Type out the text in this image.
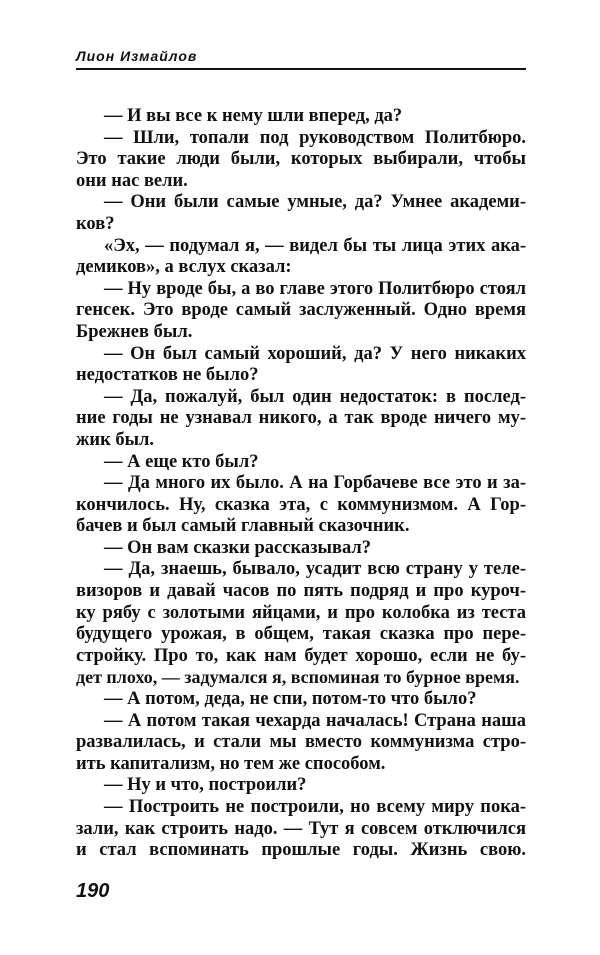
Лион Измайлов
— И вы все к нему шли вперед, да?
— Шли, топали под руководством Политбюро.
Это такие люди были, которых выбирали, чтобы
они нас вели.
— Они были самые умные, да? Умнее академи-
ков?
«Эх, — подумал я, — видел бы ты лица этих ака-
демиков», а вслух сказал:
— Ну вроде бы, а во главе этого Политбюро стоял
генсек. Это вроде самый заслуженный. Одно время
Брежнев был.
— Он был самый хороший, да? У него никаких
недостатков не было?
— Да, пожалуй, был один недостаток: в послед-
ние годы не узнавал никого, а так вроде ничего му-
жик был.
— А еще кто был?
— Да много их было. А на Горбачеве все это и за-
кончилось. Ну, сказка эта, с коммунизмом. А Гор-
бачев и был самый главный сказочник.
— Он вам сказки рассказывал?
— Да, знаешь, бывало, усадит всю страну у теле-
визоров и давай часов по пять подряд и про куроч-
ку рябу с золотыми яйцами, и про колобка из теста
будущего урожая, в общем, такая сказка про пере-
стройку. Про то, как нам будет хорошо, если не бу-
дет плохо, — задумался я, вспоминая то бурное время.
— А потом, деда, не спи, потом-то что было?
— А потом такая чехарда началась! Страна наша
развалилась, и стали мы вместо коммунизма стро-
ить капитализм, но тем же способом.
— Ну и что, построили?
— Построить не построили, но всему миру пока-
зали, как строить надо. — Тут я совсем отключился
и стал вспоминать прошлые годы. Жизнь свою.
190
